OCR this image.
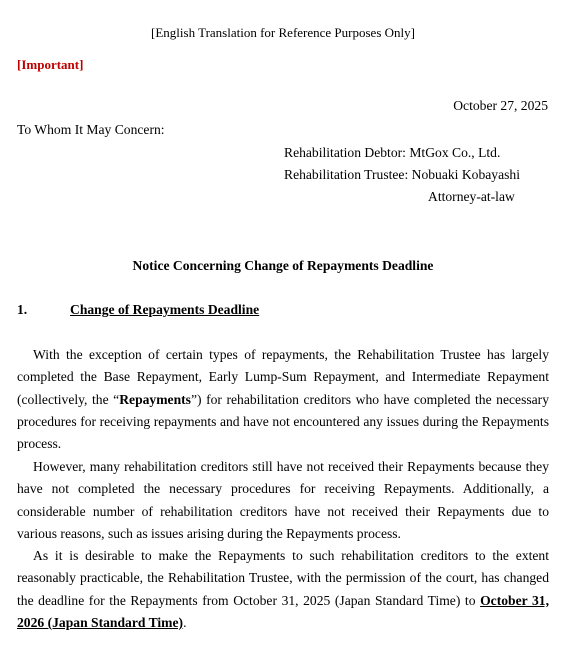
[English Translation for Reference Purposes Only]
[Important]
October 27, 2025
To Whom It May Concern:
Rehabilitation Debtor: MtGox Co., Ltd.
Rehabilitation Trustee: Nobuaki Kobayashi
Attorney-at-law
Notice Concerning Change of Repayments Deadline
1.	Change of Repayments Deadline
With the exception of certain types of repayments, the Rehabilitation Trustee has largely completed the Base Repayment, Early Lump-Sum Repayment, and Intermediate Repayment (collectively, the “Repayments”) for rehabilitation creditors who have completed the necessary procedures for receiving repayments and have not encountered any issues during the Repayments process.
However, many rehabilitation creditors still have not received their Repayments because they have not completed the necessary procedures for receiving Repayments. Additionally, a considerable number of rehabilitation creditors have not received their Repayments due to various reasons, such as issues arising during the Repayments process.
As it is desirable to make the Repayments to such rehabilitation creditors to the extent reasonably practicable, the Rehabilitation Trustee, with the permission of the court, has changed the deadline for the Repayments from October 31, 2025 (Japan Standard Time) to October 31, 2026 (Japan Standard Time).
